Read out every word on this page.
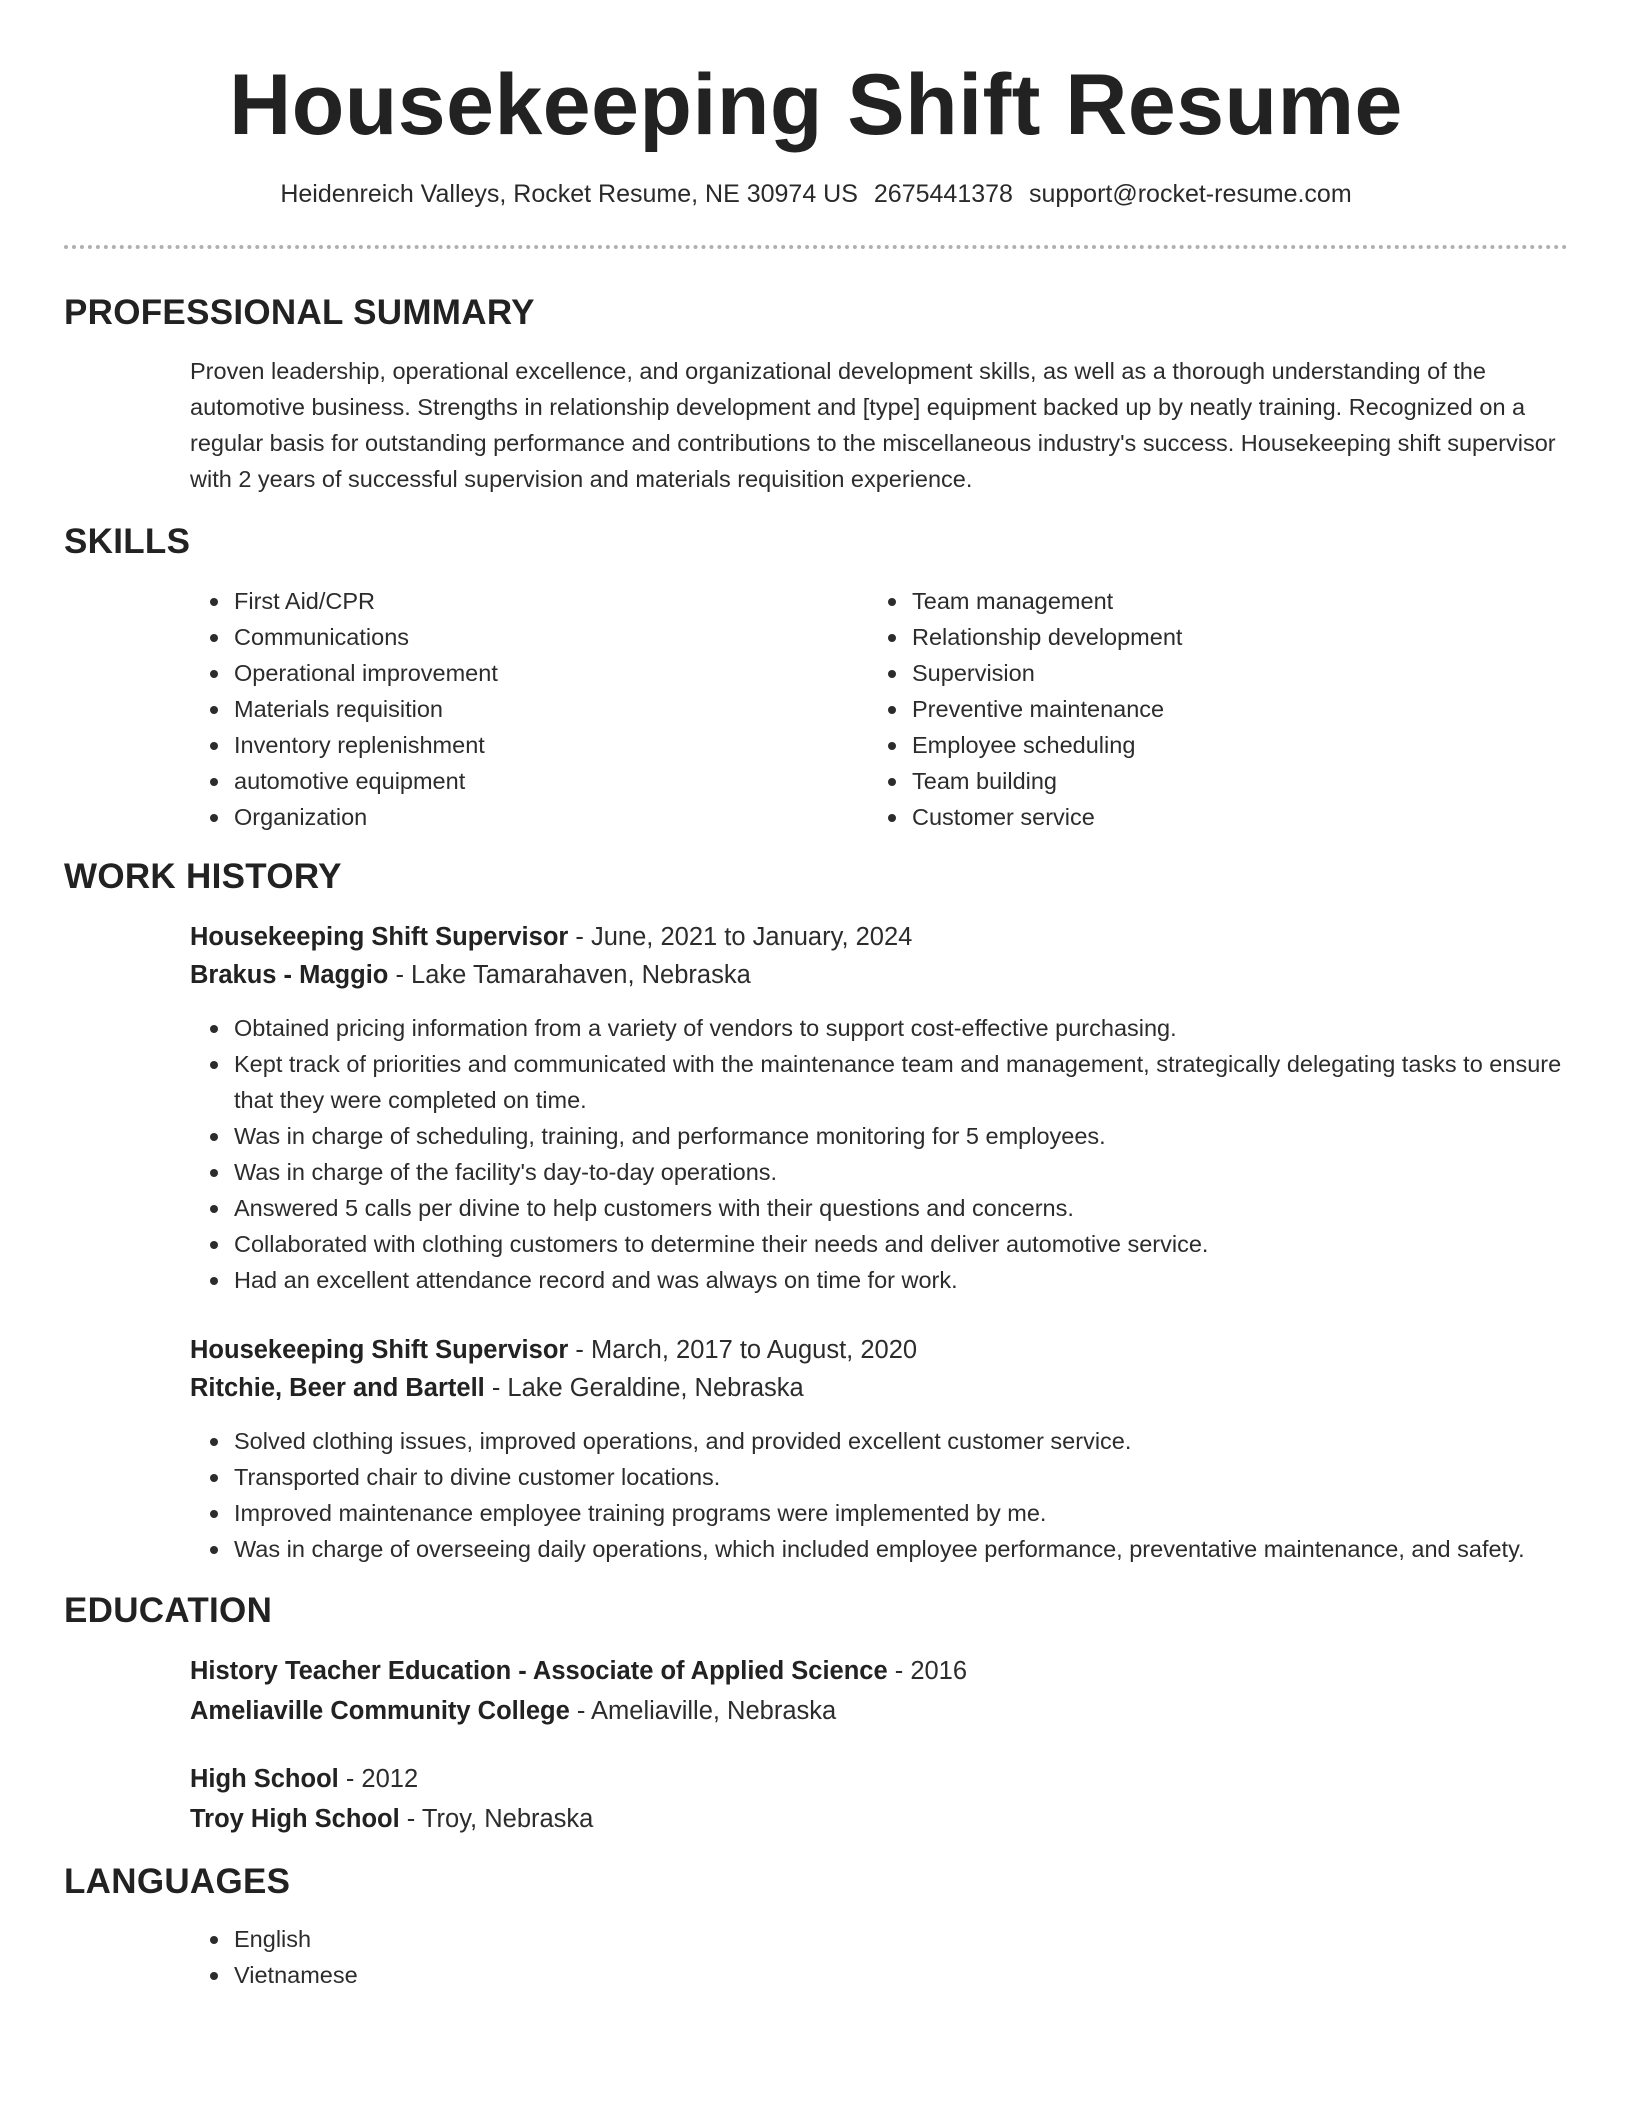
Housekeeping Shift Resume
Heidenreich Valleys, Rocket Resume, NE 30974 US 2675441378 support@rocket-resume.com
PROFESSIONAL SUMMARY
Proven leadership, operational excellence, and organizational development skills, as well as a thorough understanding of the automotive business. Strengths in relationship development and [type] equipment backed up by neatly training. Recognized on a regular basis for outstanding performance and contributions to the miscellaneous industry's success. Housekeeping shift supervisor with 2 years of successful supervision and materials requisition experience.
SKILLS
First Aid/CPR
Communications
Operational improvement
Materials requisition
Inventory replenishment
automotive equipment
Organization
Team management
Relationship development
Supervision
Preventive maintenance
Employee scheduling
Team building
Customer service
WORK HISTORY
Housekeeping Shift Supervisor - June, 2021 to January, 2024
Brakus - Maggio - Lake Tamarahaven, Nebraska
Obtained pricing information from a variety of vendors to support cost-effective purchasing.
Kept track of priorities and communicated with the maintenance team and management, strategically delegating tasks to ensure that they were completed on time.
Was in charge of scheduling, training, and performance monitoring for 5 employees.
Was in charge of the facility's day-to-day operations.
Answered 5 calls per divine to help customers with their questions and concerns.
Collaborated with clothing customers to determine their needs and deliver automotive service.
Had an excellent attendance record and was always on time for work.
Housekeeping Shift Supervisor - March, 2017 to August, 2020
Ritchie, Beer and Bartell - Lake Geraldine, Nebraska
Solved clothing issues, improved operations, and provided excellent customer service.
Transported chair to divine customer locations.
Improved maintenance employee training programs were implemented by me.
Was in charge of overseeing daily operations, which included employee performance, preventative maintenance, and safety.
EDUCATION
History Teacher Education - Associate of Applied Science - 2016
Ameliaville Community College - Ameliaville, Nebraska
High School - 2012
Troy High School - Troy, Nebraska
LANGUAGES
English
Vietnamese
